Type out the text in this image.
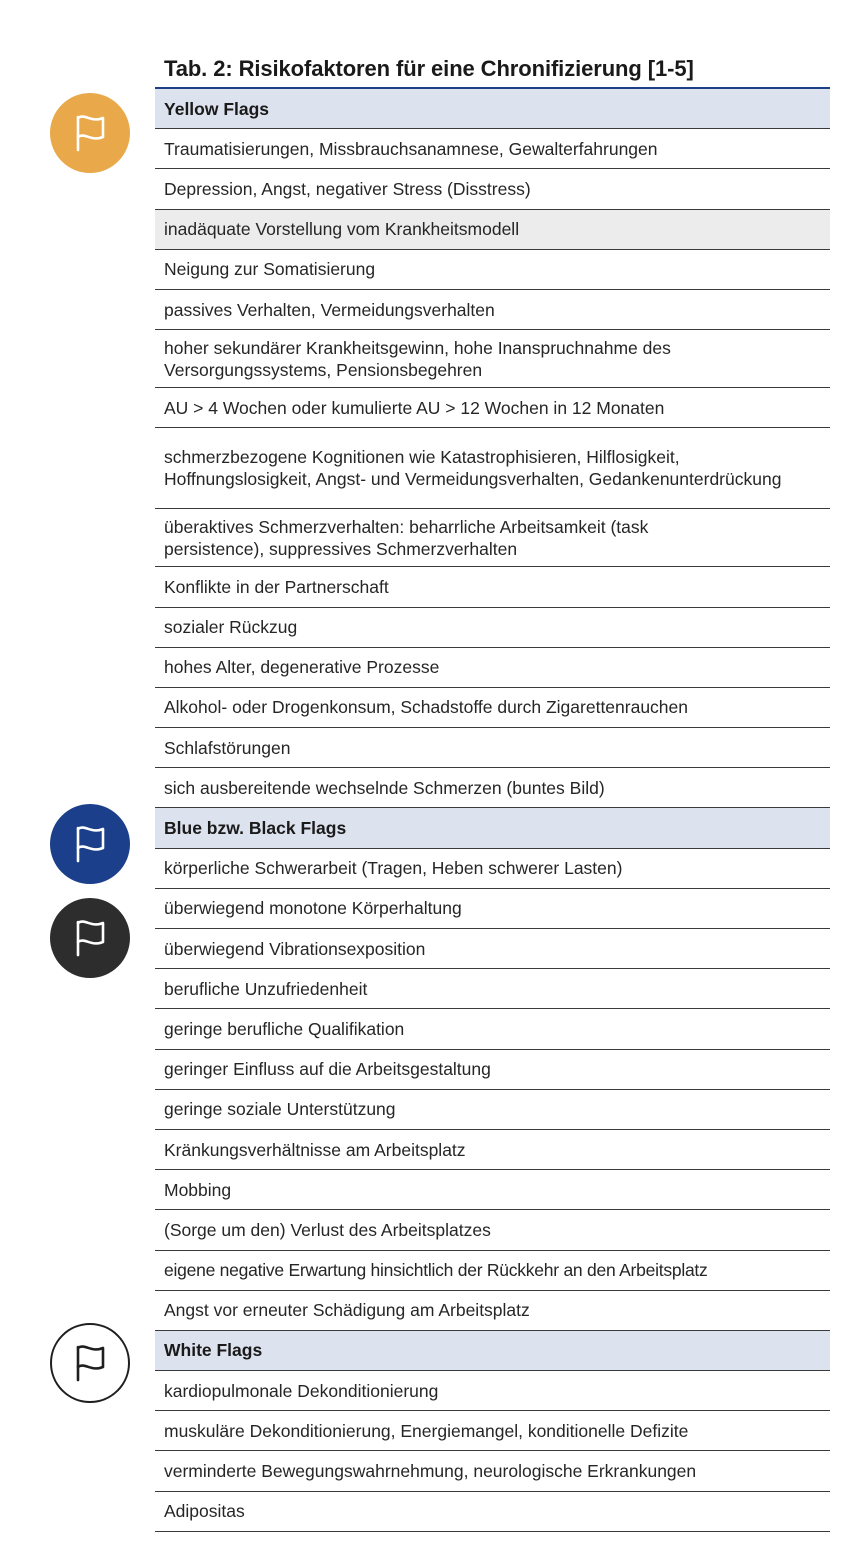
Tab. 2: Risikofaktoren für eine Chronifizierung [1-5]
Yellow Flags
Traumatisierungen, Missbrauchsanamnese, Gewalterfahrungen
Depression, Angst, negativer Stress (Disstress)
inadäquate Vorstellung vom Krankheitsmodell
Neigung zur Somatisierung
passives Verhalten, Vermeidungsverhalten
hoher sekundärer Krankheitsgewinn, hohe Inanspruchnahme des Versorgungssystems, Pensionsbegehren
AU > 4 Wochen oder kumulierte AU > 12 Wochen in 12 Monaten
schmerzbezogene Kognitionen wie Katastrophisieren, Hilflosigkeit, Hoffnungslosigkeit, Angst- und Vermeidungsverhalten, Gedankenunterdrückung
überaktives Schmerzverhalten: beharrliche Arbeitsamkeit (task persistence), suppressives Schmerzverhalten
Konflikte in der Partnerschaft
sozialer Rückzug
hohes Alter, degenerative Prozesse
Alkohol- oder Drogenkonsum, Schadstoffe durch Zigarettenrauchen
Schlafstörungen
sich ausbereitende wechselnde Schmerzen (buntes Bild)
Blue bzw. Black Flags
körperliche Schwerarbeit (Tragen, Heben schwerer Lasten)
überwiegend monotone Körperhaltung
überwiegend Vibrationsexposition
berufliche Unzufriedenheit
geringe berufliche Qualifikation
geringer Einfluss auf die Arbeitsgestaltung
geringe soziale Unterstützung
Kränkungsverhältnisse am Arbeitsplatz
Mobbing
(Sorge um den) Verlust des Arbeitsplatzes
eigene negative Erwartung hinsichtlich der Rückkehr an den Arbeitsplatz
Angst vor erneuter Schädigung am Arbeitsplatz
White Flags
kardiopulmonale Dekonditionierung
muskuläre Dekonditionierung, Energiemangel, konditionelle Defizite
verminderte Bewegungswahrnehmung, neurologische Erkrankungen
Adipositas
